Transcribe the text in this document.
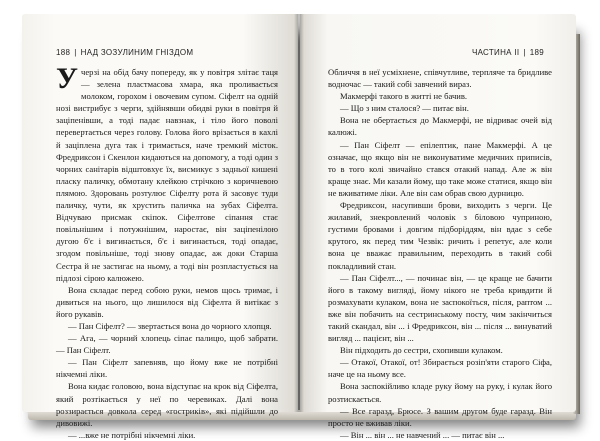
188 | НАД ЗОЗУЛИНИМ ГНІЗДОМ

Учерзі на обід бачу попереду, як у повітря злітає таця — зелена пластмасова хмара, яка проливається молоком, горохом і овочевим супом. Сіфелт на одній нозі вистрибує з черги, здійнявши обидві руки в повітря й заціпенівши, а тоді падає навзнак, і тіло його поволі перевертається через голову. Голова його врізається в кахлі й заціплена дуга так і тримається, наче тремкий місток. Фредриксон і Скенлон кидаються на допомогу, а тоді один з чорних санітарів відштовхує їх, висмикує з задньої кишені пласку паличку, обмотану клейкою стрічкою з коричневою плямою. Здоровань розтулює Сіфелту рота й засовує туди паличку, чути, як хрустить паличка на зубах Сіфелта. Відчуваю присмак скіпок. Сіфелтове сіпання стає повільнішим і потужнішим, наростає, він заціпенілою дугою б'є і вигинається, б'є і вигинається, тоді опадає, згодом повільніше, тоді знову опадає, аж доки Старша Сестра й не застигає на ньому, а тоді він розпластується на підлозі сірою калюжею.

Вона складає перед собою руки, немов щось тримає, і дивиться на нього, що лишилося від Сіфелта й витікає з його рукавів.

— Пан Сіфелт? — звертається вона до чорного хлопця.

— Ага, — чорний хлопець сіпає палицю, щоб забрати. — Пан Сіфелт.

— Пан Сіфелт запевняв, що йому вже не потрібні нікчемні ліки.

Вона кидає головою, вона відступає на крок від Сіфелта, який розтікається у неї по черевиках. Далі вона роззирається довкола серед «гостриків», які підійшли до дивовижі.

— ...вже не потрібні нікчемні ліки.

ЧАСТИНА II | 189

Обличчя в неї усміхнене, співчутливе, терпляче та бридливе водночас — такий собі завчений вираз.

Макмерфі такого в житті не бачив.

— Що з ним сталося? — питає він.

Вона не обертається до Макмерфі, не відриває очей від калюжі.

— Пан Сіфелт — епілептик, пане Макмерфі. А це означає, що якщо він не виконуватиме медичних приписів, то в того колі звичайно стався отакий напад. Але ж він краще знає. Ми казали йому, що таке може статися, якщо він не вживатиме ліки. Але він сам обрав свою дурницю.

Фредриксон, насупивши брови, виходить з черги. Це жилавий, знекровлений чоловік з біловою чуприною, густими бровами і довгим підборіддям, він вдає з себе крутого, як перед тим Чезвік: ричить і репетує, але коли вона це вважає правильним, переходить в такий собі покладливий стан.

— Пан Сіфелт..., — починає він, — це краще не бачити його в такому вигляді, йому нікого не треба кривдити й розмахувати кулаком, вона не заспокоїться, після, раптом ... вже він побачить на сестринському посту, чим закінчиться такий скандал, він ... і Фредриксон, він ... після ... винуватий вигляд ... пацієнт, він ...

Він підходить до сестри, схопивши кулаком.

— Отакої, Отакої, от! Збирається розіп'яти старого Сіфа, наче це на ньому все.

Вона заспокійливо кладе руку йому на руку, і кулак його розтискається.

— Все гаразд, Брюсе. З вашим другом буде гаразд. Він просто не вживав ліки.

— Він ... він ... не навчений ... — питає він ...
